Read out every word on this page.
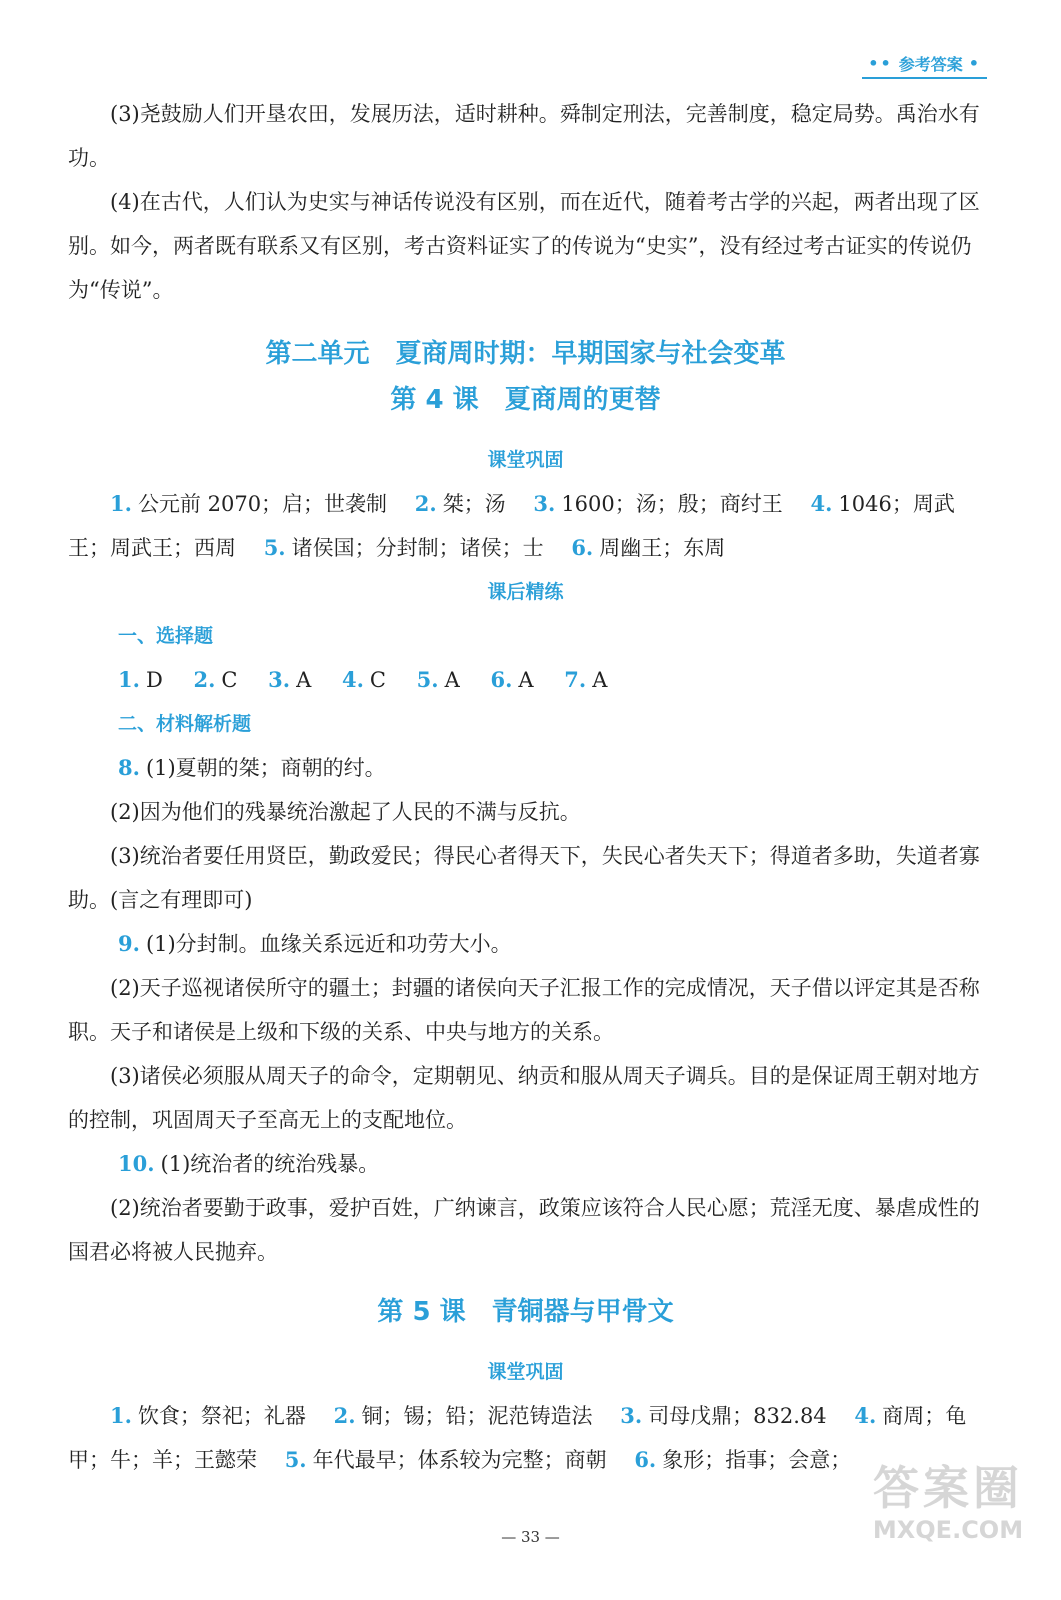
•• 参考答案 •

(3)尧鼓励人们开垦农田，发展历法，适时耕种。舜制定刑法，完善制度，稳定局势。禹治水有功。

(4)在古代，人们认为史实与神话传说没有区别，而在近代，随着考古学的兴起，两者出现了区别。如今，两者既有联系又有区别，考古资料证实了的传说为“史实”，没有经过考古证实的传说仍为“传说”。

第二单元　夏商周时期：早期国家与社会变革
第 4 课　夏商周的更替
课堂巩固

1. 公元前 2070；启；世袭制　 2. 桀；汤　 3. 1600；汤；殷；商纣王　 4. 1046；周武王；周武王；西周　 5. 诸侯国；分封制；诸侯；士　 6. 周幽王；东周

课后精练
一、选择题

1. D 2. C 3. A 4. C 5. A 6. A 7. A

二、材料解析题

8. (1)夏朝的桀；商朝的纣。

(2)因为他们的残暴统治激起了人民的不满与反抗。

(3)统治者要任用贤臣，勤政爱民；得民心者得天下，失民心者失天下；得道者多助，失道者寡助。(言之有理即可)

9. (1)分封制。血缘关系远近和功劳大小。

(2)天子巡视诸侯所守的疆土；封疆的诸侯向天子汇报工作的完成情况，天子借以评定其是否称职。天子和诸侯是上级和下级的关系、中央与地方的关系。

(3)诸侯必须服从周天子的命令，定期朝见、纳贡和服从周天子调兵。目的是保证周王朝对地方的控制，巩固周天子至高无上的支配地位。

10. (1)统治者的统治残暴。

(2)统治者要勤于政事，爱护百姓，广纳谏言，政策应该符合人民心愿；荒淫无度、暴虐成性的国君必将被人民抛弃。

第 5 课　青铜器与甲骨文
课堂巩固

1. 饮食；祭祀；礼器　 2. 铜；锡；铅；泥范铸造法　 3. 司母戊鼎；832.84　 4. 商周；龟甲；牛；羊；王懿荣　 5. 年代最早；体系较为完整；商朝　 6. 象形；指事；会意；

— 33 —
答案圈
MXQE.COM
